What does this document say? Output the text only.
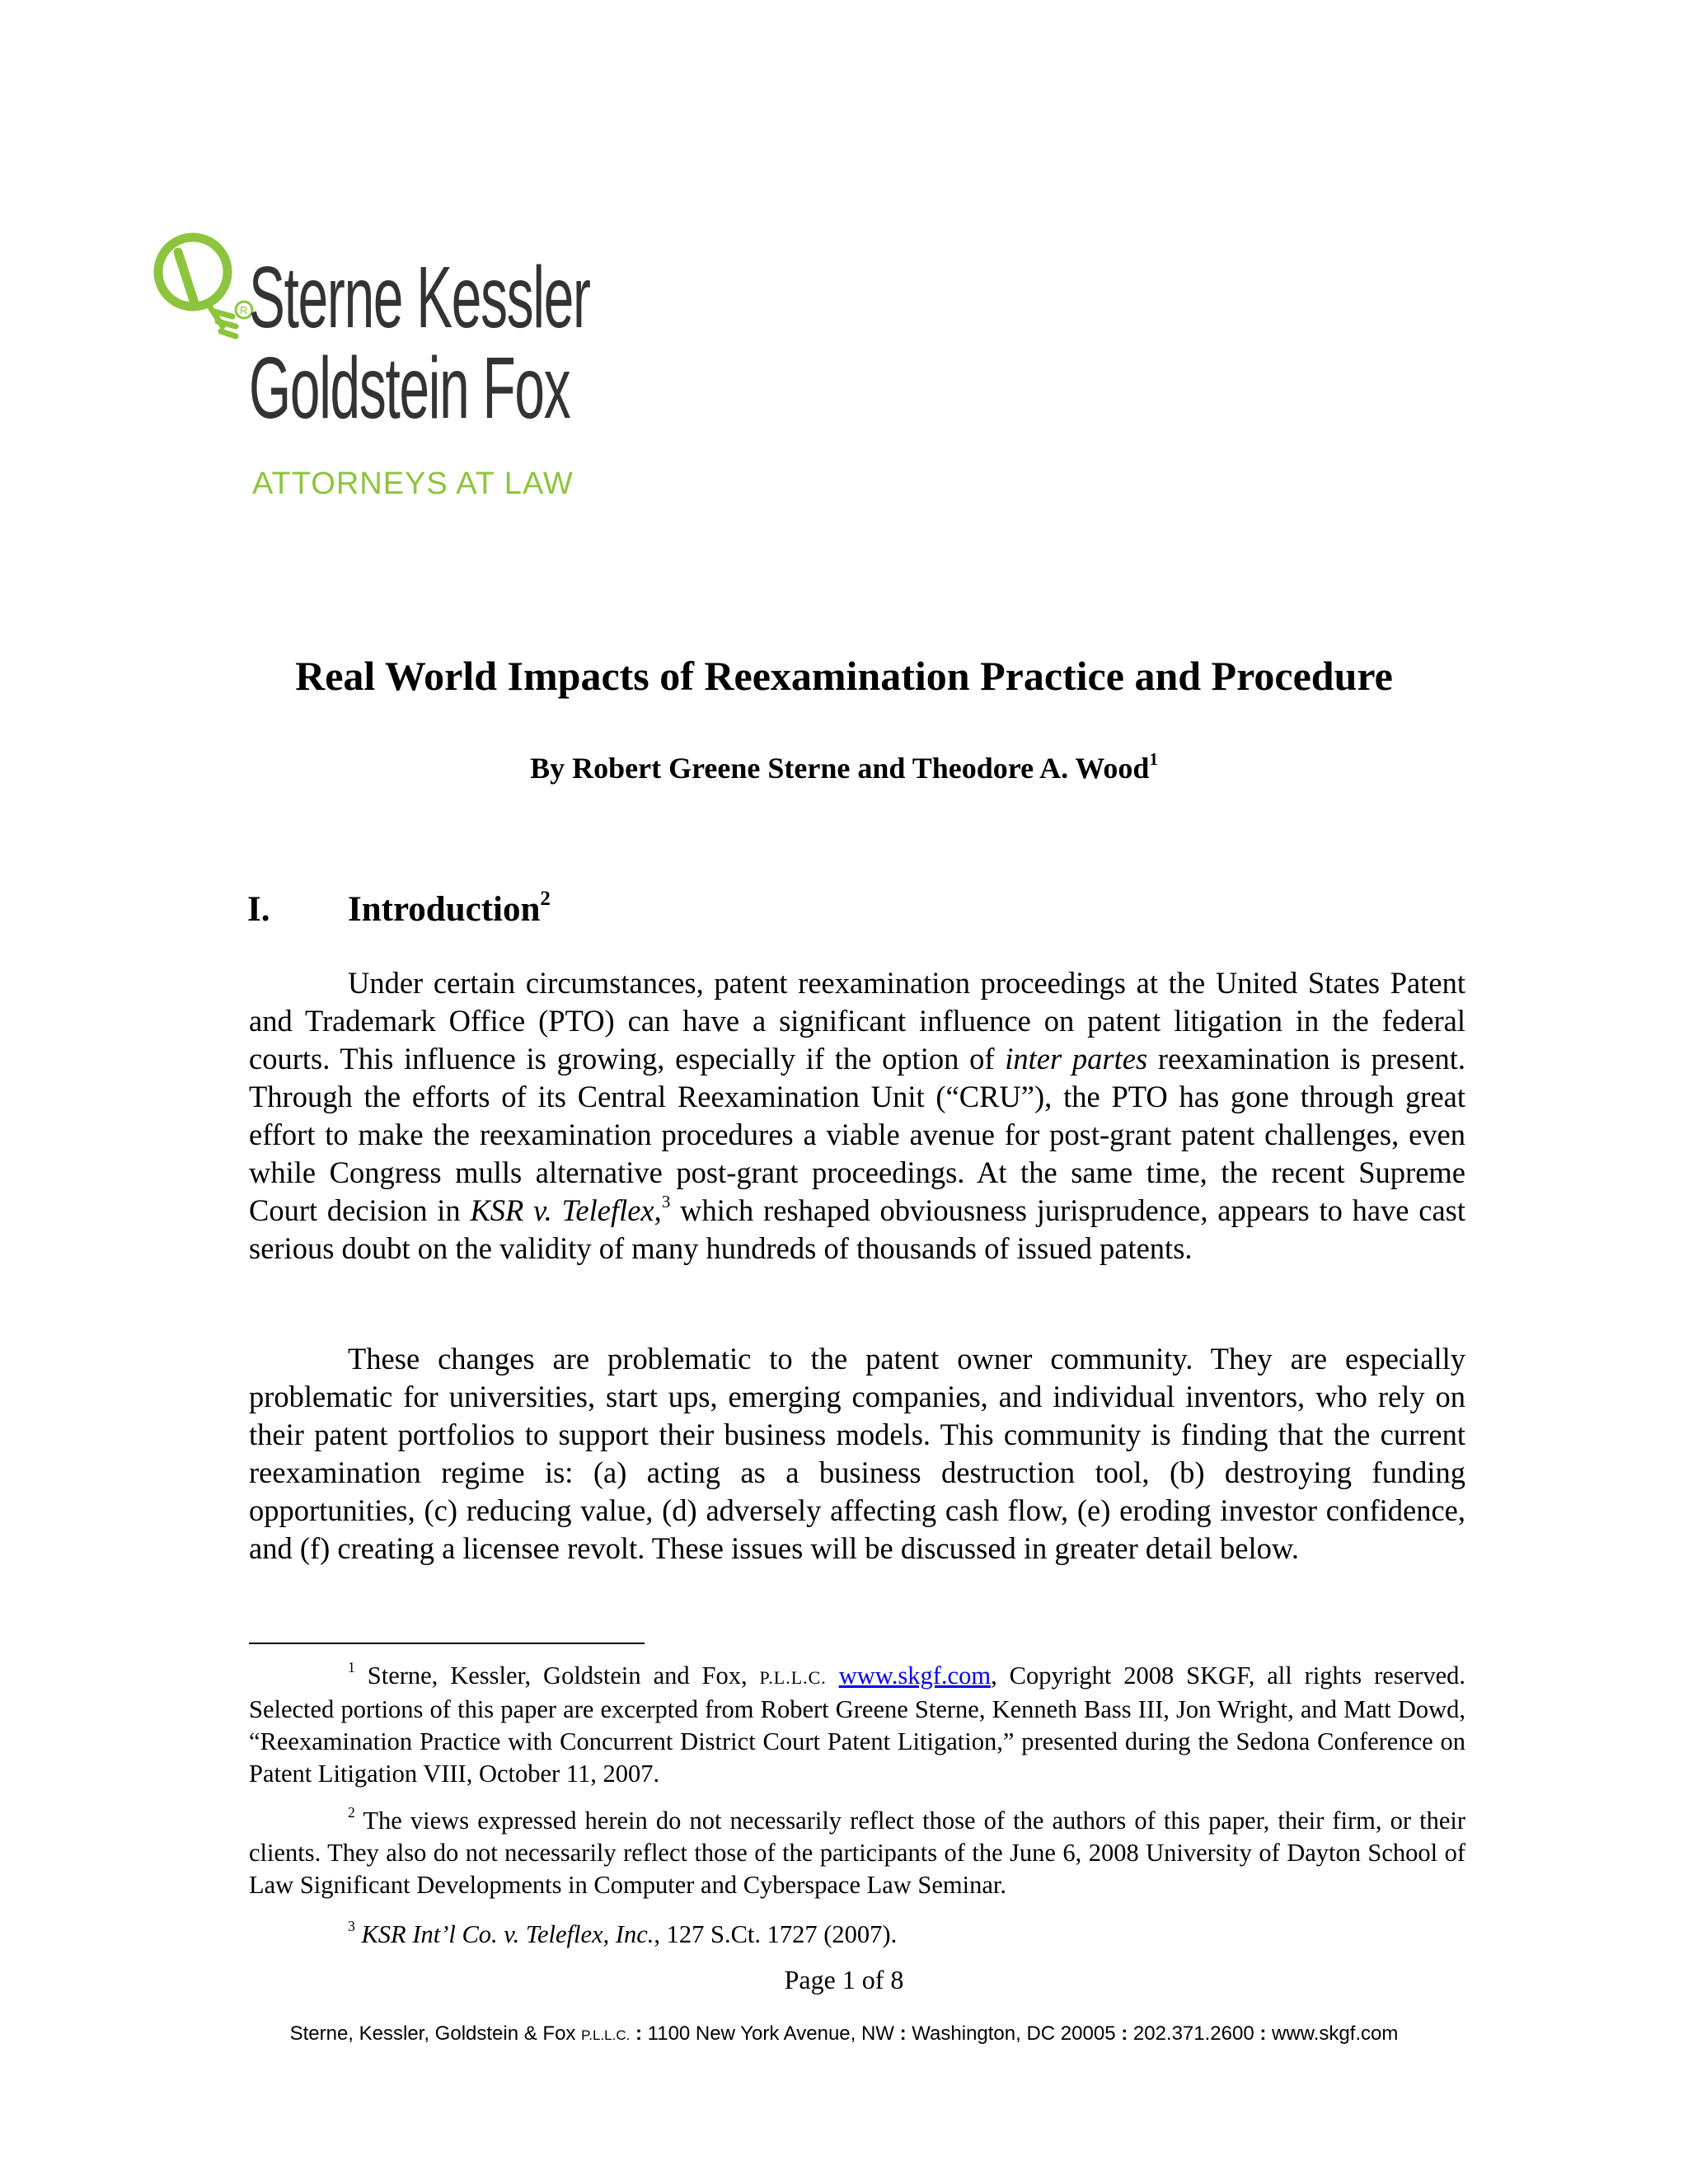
R Sterne Kessler
Goldstein Fox
ATTORNEYS AT LAW
Real World Impacts of Reexamination Practice and Procedure
By Robert Greene Sterne and Theodore A. Wood$^1$
I. Introduction$^2$

Under certain circumstances, patent reexamination proceedings at the United States Patent and Trademark Office (PTO) can have a significant influence on patent litigation in the federal courts. This influence is growing, especially if the option of inter partes reexamination is present. Through the efforts of its Central Reexamination Unit (“CRU”), the PTO has gone through great effort to make the reexamination procedures a viable avenue for post-grant patent challenges, even while Congress mulls alternative post-grant proceedings. At the same time, the recent Supreme Court decision in KSR v. Teleflex,$^3$ which reshaped obviousness jurisprudence, appears to have cast serious doubt on the validity of many hundreds of thousands of issued patents.

These changes are problematic to the patent owner community. They are especially problematic for universities, start ups, emerging companies, and individual inventors, who rely on their patent portfolios to support their business models. This community is finding that the current reexamination regime is: (a) acting as a business destruction tool, (b) destroying funding opportunities, (c) reducing value, (d) adversely affecting cash flow, (e) eroding investor confidence, and (f) creating a licensee revolt. These issues will be discussed in greater detail below.

$^1$ Sterne, Kessler, Goldstein and Fox, P.L.L.C. www.skgf.com, Copyright 2008 SKGF, all rights reserved. Selected portions of this paper are excerpted from Robert Greene Sterne, Kenneth Bass III, Jon Wright, and Matt Dowd, “Reexamination Practice with Concurrent District Court Patent Litigation,” presented during the Sedona Conference on Patent Litigation VIII, October 11, 2007.

$^2$ The views expressed herein do not necessarily reflect those of the authors of this paper, their firm, or their clients. They also do not necessarily reflect those of the participants of the June 6, 2008 University of Dayton School of Law Significant Developments in Computer and Cyberspace Law Seminar.

$^3$ KSR Int’l Co. v. Teleflex, Inc., 127 S.Ct. 1727 (2007).

Page 1 of 8
Sterne, Kessler, Goldstein & Fox P.L.L.C. : 1100 New York Avenue, NW : Washington, DC 20005 : 202.371.2600 : www.skgf.com
